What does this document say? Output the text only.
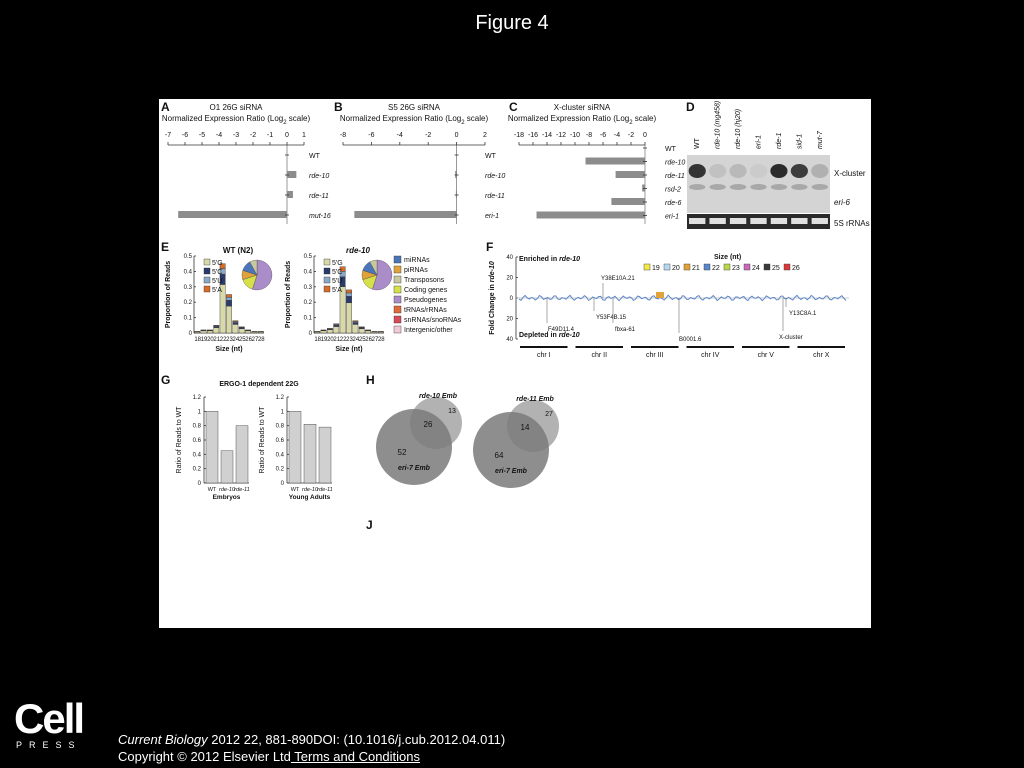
Figure 4
A	O1 26G siRNA
Normalized Expression Ratio (Log$_2$ scale)
-7 -6 -5 -4 -3 -2 -1 0 1
WT
rde-10
rde-11
mut-16
B	S5 26G siRNA
Normalized Expression Ratio (Log$_2$ scale)
-8	-6	-4	-2	0	2
WT
rde-10
rde-11
eri-1
C	X-cluster siRNA
Normalized Expression Ratio (Log$_2$ scale)
-18 -16 -14 -12 -10 -8 -6 -4 -2 0
WT
rde-10
rde-11
rsd-2
rde-6
eri-1
D
WT rde-10 (mg458) rde-10 (hj20) eri-1 rde-1 sid-1 mut-7
X-cluster
eri-6
5S rRNAs
E	WT (N2)
Proportion of Reads
0
0.1
0.2
0.3
0.4
0.5
18 19 20 21 22 23 24 25 26 27 28
Size (nt)
5'G
5'C
5'U
5'A
rde-10
Proportion of Reads
0
0.1
0.2
0.3
0.4
0.5
18 19 20 21 22 23 24 25 26 27 28
Size (nt)
5'G
5'C
5'U
5'A
miRNAs
piRNAs
Transposons
Coding genes
Pseudogenes
tRNAs/rRNAs
snRNAs/snoRNAs
Intergenic/other
F
Fold Change in rde-10
40
20
0
20
40
Enriched in rde-10
Depleted in rde-10
Size (nt)
19 20 21 22 23 24 25 26
Y38E10A.21
F49D11.4
Y53F4B.15
fbxa-61
B0001.6
Y13C8A.1
X-cluster
chr I	chr II	chr III	chr IV	chr V	chr X
G	ERGO-1 dependent 22G
Ratio of Reads to WT
0
0.2
0.4
0.6
0.8
1
1.2
WT rde-10 rde-11
Embryos
Ratio of Reads to WT
0
0.2
0.4
0.6
0.8
1
1.2
WT rde-10 rde-11
Young Adults
H
rde-10 Emb
13
26
52
eri-7 Emb
rde-11 Emb
27
14
64
eri-7 Emb
J
Cell
PRESS	Current Biology 2012 22, 881-890DOI: (10.1016/j.cub.2012.04.011)
Copyright © 2012 Elsevier Ltd Terms and Conditions
